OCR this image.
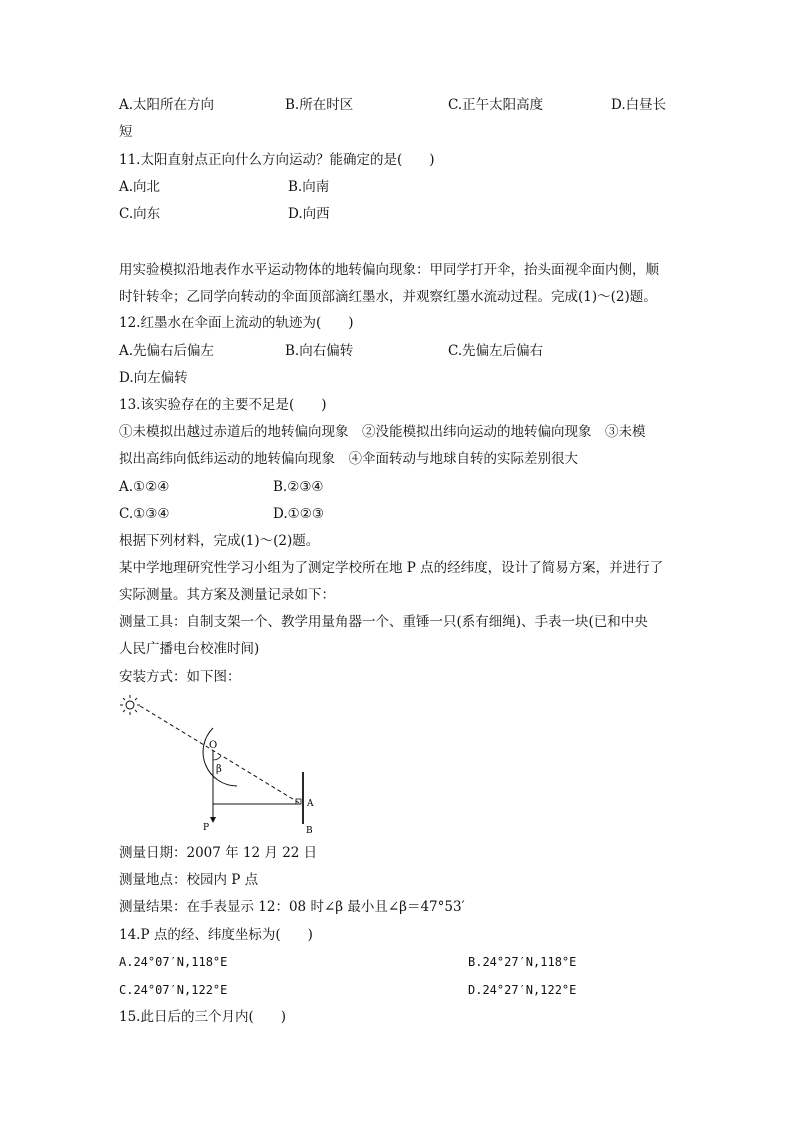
A.太阳所在方向	B.所在时区	C.正午太阳高度	D.白昼长
短
11.太阳直射点正向什么方向运动？能确定的是(　　)
A.向北	B.向南
C.向东	D.向西
用实验模拟沿地表作水平运动物体的地转偏向现象：甲同学打开伞，抬头面视伞面内侧，顺
时针转伞；乙同学向转动的伞面顶部滴红墨水，并观察红墨水流动过程。完成(1)～(2)题。
12.红墨水在伞面上流动的轨迹为(　　)
A.先偏右后偏左	B.向右偏转	C.先偏左后偏右
D.向左偏转
13.该实验存在的主要不足是(　　)
①未模拟出越过赤道后的地转偏向现象　②没能模拟出纬向运动的地转偏向现象　③未模
拟出高纬向低纬运动的地转偏向现象　④伞面转动与地球自转的实际差别很大
A.①②④	B.②③④
C.①③④	D.①②③
根据下列材料，完成(1)～(2)题。
某中学地理研究性学习小组为了测定学校所在地 P 点的经纬度，设计了简易方案，并进行了
实际测量。其方案及测量记录如下：
测量工具：自制支架一个、教学用量角器一个、重锤一只(系有细绳)、手表一块(已和中央
人民广播电台校准时间)
安装方式：如下图：
O
β
A
P	B
测量日期：2007 年 12 月 22 日
测量地点：校园内 P 点
测量结果：在手表显示 12：08 时∠β 最小且∠β＝47°53′
14.P 点的经、纬度坐标为(　　)
A.24°07′N,118°E	B.24°27′N,118°E
C.24°07′N,122°E	D.24°27′N,122°E
15.此日后的三个月内(　　)
